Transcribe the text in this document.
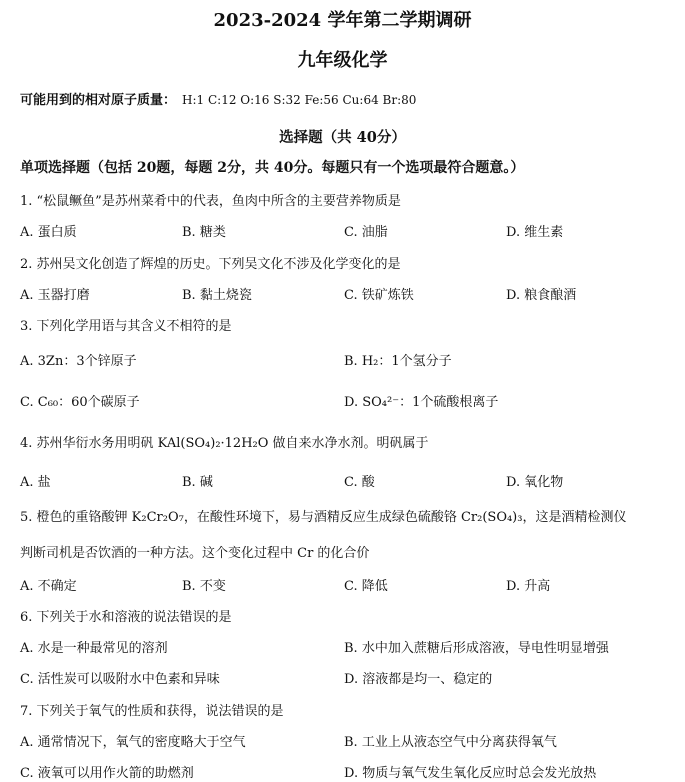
2023-2024 学年第二学期调研
九年级化学
可能用到的相对原子质量： H:1 C:12 O:16 S:32 Fe:56 Cu:64 Br:80
选择题（共 40分）
单项选择题（包括 20题，每题 2分，共 40分。每题只有一个选项最符合题意。）
1. “松鼠鳜鱼”是苏州菜肴中的代表，鱼肉中所含的主要营养物质是
A. 蛋白质	B. 糖类	C. 油脂	D. 维生素
2. 苏州吴文化创造了辉煌的历史。下列吴文化不涉及化学变化的是
A. 玉器打磨	B. 黏土烧瓷	C. 铁矿炼铁	D. 粮食酿酒
3. 下列化学用语与其含义不相符的是
A. 3Zn：3个锌原子	B. H₂：1个氢分子
C. C₆₀：60个碳原子	D. SO₄²⁻：1个硫酸根离子
4. 苏州华衍水务用明矾 KAl(SO₄)₂·12H₂O 做自来水净水剂。明矾属于
A. 盐	B. 碱	C. 酸	D. 氧化物
5. 橙色的重铬酸钾 K₂Cr₂O₇，在酸性环境下，易与酒精反应生成绿色硫酸铬 Cr₂(SO₄)₃，这是酒精检测仪
判断司机是否饮酒的一种方法。这个变化过程中 Cr 的化合价
A. 不确定	B. 不变	C. 降低	D. 升高
6. 下列关于水和溶液的说法错误的是
A. 水是一种最常见的溶剂	B. 水中加入蔗糖后形成溶液，导电性明显增强
C. 活性炭可以吸附水中色素和异味	D. 溶液都是均一、稳定的
7. 下列关于氧气的性质和获得，说法错误的是
A. 通常情况下，氧气的密度略大于空气	B. 工业上从液态空气中分离获得氧气
C. 液氧可以用作火箭的助燃剂	D. 物质与氧气发生氧化反应时总会发光放热
